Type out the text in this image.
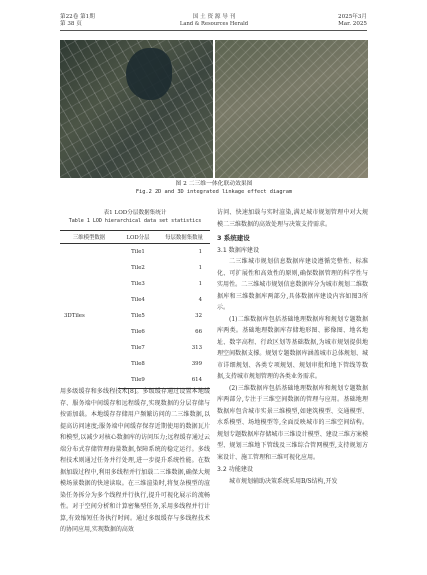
第22卷 第1期
第 38 页
国 土 资 源 导 刊
Land & Resources Herald
2025年3月
Mar. 2025
图 2 二三维一体化联动效果图
Fig.2 2D and 3D integrated linkage effect diagram
表1 LOD分层数据集统计
Table 1 LOD hierarchical data set statistics
三维模型数据	LOD分层	每层数据集数量
3DTiles	Tile1	1
	Tile2	1
	Tile3	1
	Tile4	4
	Tile5	32
	Tile6	66
	Tile7	313
	Tile8	399
	Tile9	614

用多级缓存和多线程技术[8]。多级缓存通过设置本地缓存、服务端中间缓存和远程缓存,实现数据的分层存储与按需加载。本地缓存存储用户频繁访问的二三维数据,以提高访问速度;服务端中间缓存保存近期使用的数据瓦片和模型,以减少对核心数据库的访问压力;远程缓存通过云端分布式存储管理海量数据,保障系统的稳定运行。多线程技术则通过任务并行处理,进一步提升系统性能。在数据加载过程中,利用多线程并行加载二三维数据,确保大规模场景数据的快速读取。在三维渲染时,将复杂模型的渲染任务拆分为多个线程并行执行,提升可视化展示的流畅性。对于空间分析和计算密集型任务,采用多线程并行计算,有效缩短任务执行时间。通过多级缓存与多线程技术的协同应用,实现数据的高效

访问、快速加载与实时渲染,满足城市规划管理中对大规模二三维数据的高效处理与决策支持需求。

3 系统建设
3.1 数据库建设

二三维城市规划信息数据库建设遵循完整性、标准化、可扩展性和高效性的原则,确保数据管理的科学性与实用性。二三维城市规划信息数据库分为城市规划二维数据库和三维数据库两部分,具体数据库建设内容如图3所示。

(1)二维数据库包括基础地理数据库和规划专题数据库两类。基础地理数据库存储地形图、影像图、地名地址、数字高程、行政区划等基础数据,为城市规划提供地理空间数据支撑。规划专题数据库涵盖城市总体规划、城市详细规划、各类专项规划、规划审批和地下管线等数据,支持城市规划管理的各类业务需求。

(2)三维数据库包括基础地理数据库和规划专题数据库两部分,专注于三维空间数据的管理与应用。基础地理数据库包含城市实景三维模型,如建筑模型、交通模型、水系模型、场地模型等,全面反映城市的三维空间结构。规划专题数据库存储城市三维设计模型、建设三维方案模型、规划三维地下管线及三维综合管网模型,支持规划方案设计、施工管理和三维可视化应用。

3.2 功能建设

城市规划辅助决策系统采用B/S结构,开发
